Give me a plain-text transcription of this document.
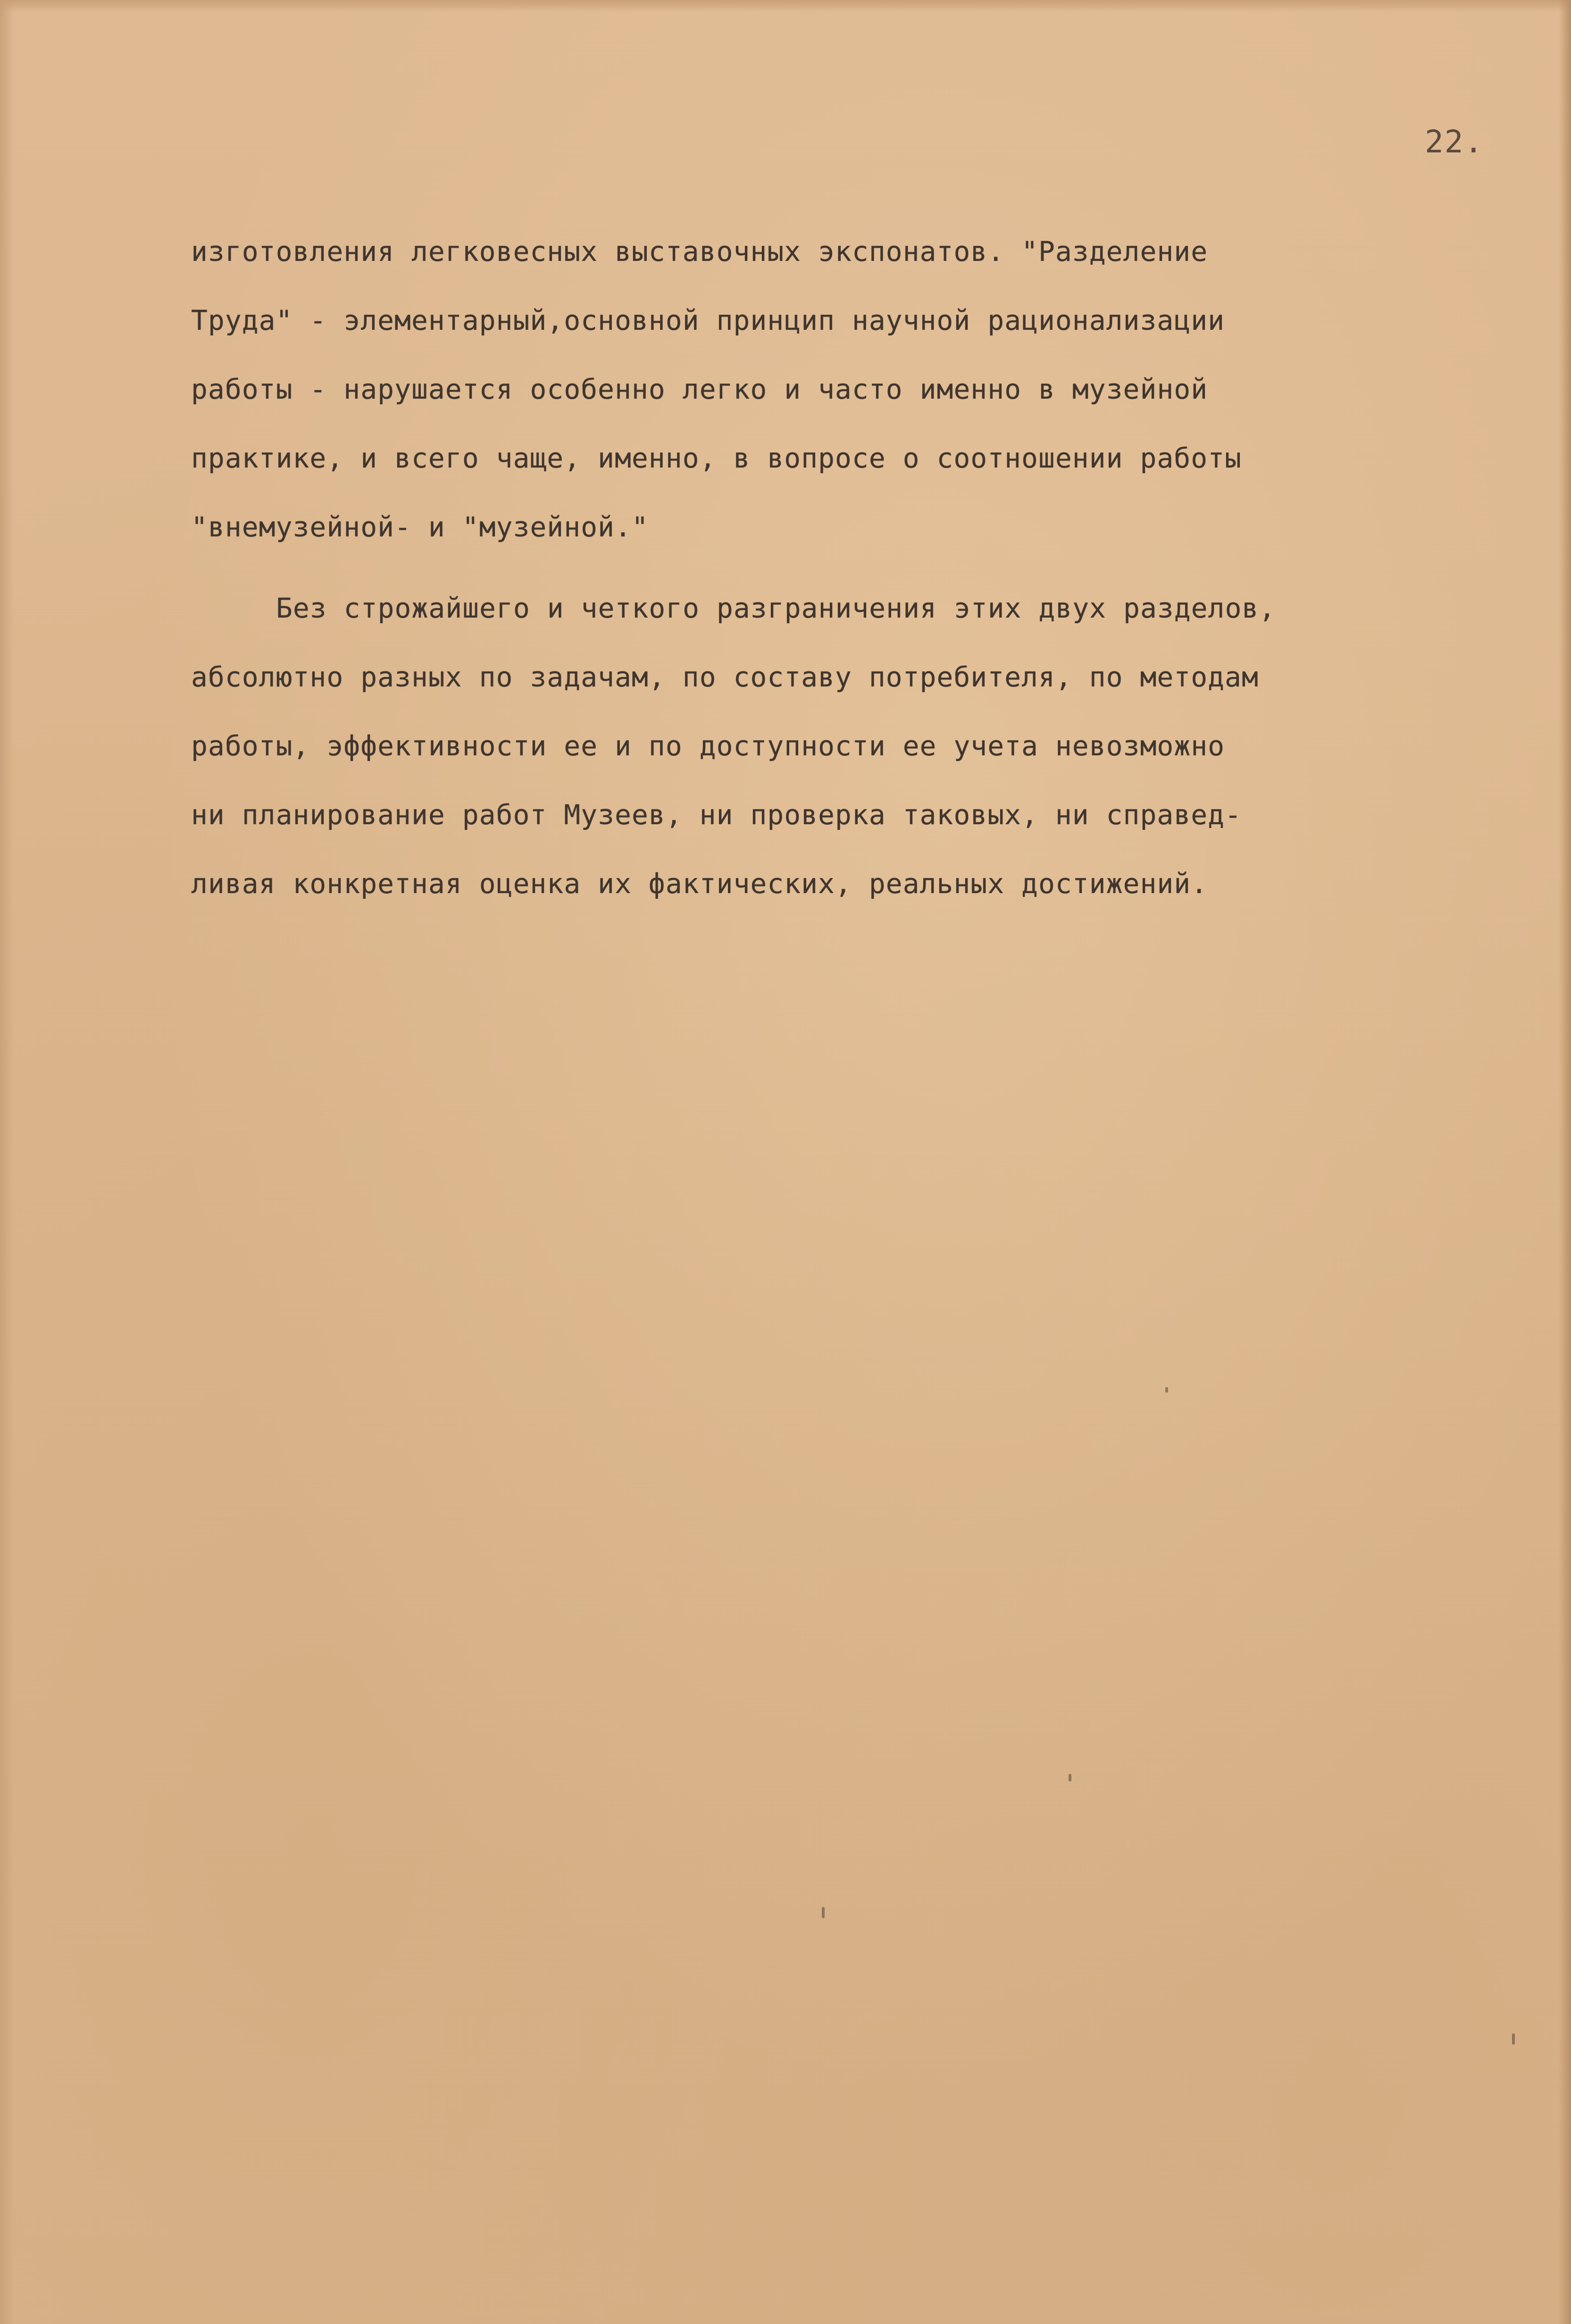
22.
изготовления легковесных выставочных экспонатов. "Разделение
Труда" - элементарный,основной принцип научной рационализации
работы - нарушается особенно легко и часто именно в музейной
практике, и всего чаще, именно, в вопросе о соотношении работы
"внемузейной- и "музейной."
Без строжайшего и четкого разграничения этих двух разделов,
абсолютно разных по задачам, по составу потребителя, по методам
работы, эффективности ее и по доступности ее учета невозможно
ни планирование работ Музеев, ни проверка таковых, ни справед-
ливая конкретная оценка их фактических, реальных достижений.
